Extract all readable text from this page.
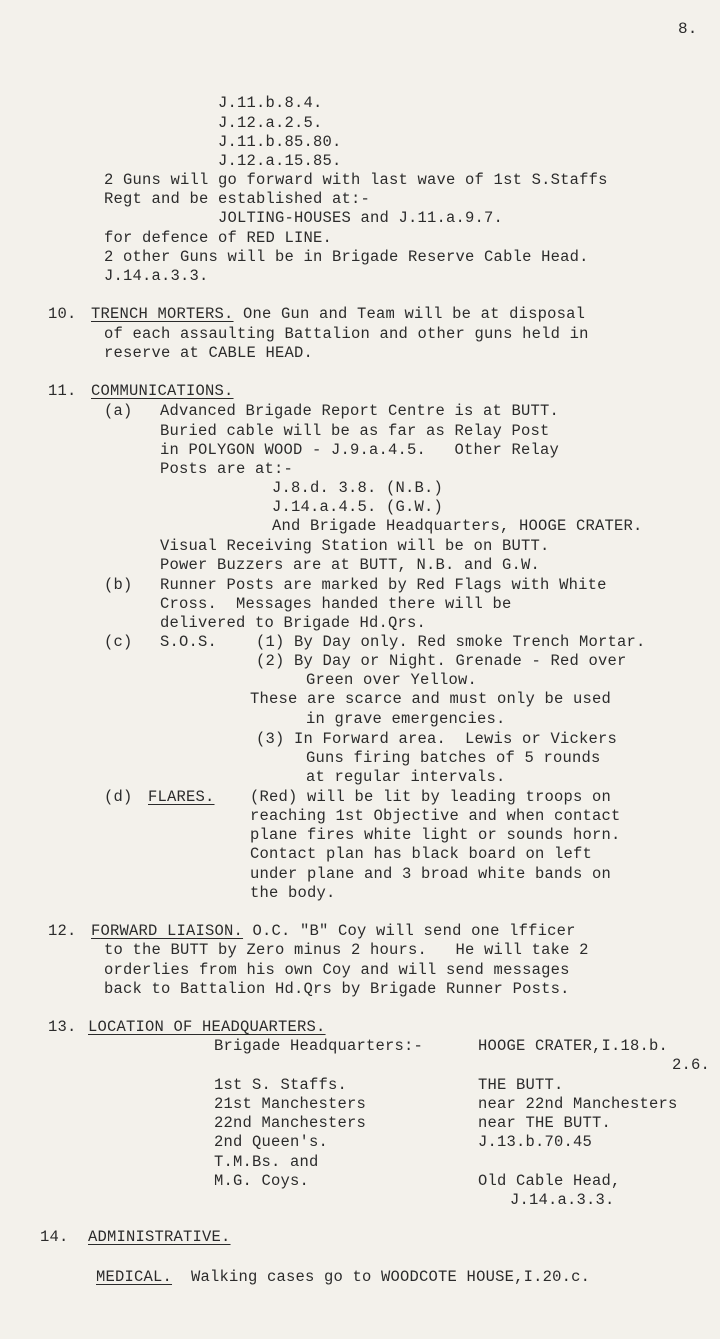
8.
J.11.b.8.4.
J.12.a.2.5.
J.11.b.85.80.
J.12.a.15.85.
2 Guns will go forward with last wave of 1st S.Staffs
Regt and be established at:-
JOLTING-HOUSES and J.11.a.9.7.
for defence of RED LINE.
2 other Guns will be in Brigade Reserve Cable Head.
J.14.a.3.3.
10. TRENCH MORTERS. One Gun and Team will be at disposal
of each assaulting Battalion and other guns held in
reserve at CABLE HEAD.
11. COMMUNICATIONS.
(a) Advanced Brigade Report Centre is at BUTT.
Buried cable will be as far as Relay Post
in POLYGON WOOD - J.9.a.4.5.   Other Relay
Posts are at:-
J.8.d. 3.8. (N.B.)
J.14.a.4.5. (G.W.)
And Brigade Headquarters, HOOGE CRATER.
Visual Receiving Station will be on BUTT.
Power Buzzers are at BUTT, N.B. and G.W.
(b) Runner Posts are marked by Red Flags with White
Cross.  Messages handed there will be
delivered to Brigade Hd.Qrs.
(c) S.O.S.	(1) By Day only. Red smoke Trench Mortar.
(2) By Day or Night. Grenade - Red over
Green over Yellow.
These are scarce and must only be used
in grave emergencies.
(3) In Forward area.  Lewis or Vickers
Guns firing batches of 5 rounds
at regular intervals.
(d) FLARES. (Red) will be lit by leading troops on
reaching 1st Objective and when contact
plane fires white light or sounds horn.
Contact plan has black board on left
under plane and 3 broad white bands on
the body.
12. FORWARD LIAISON. O.C. "B" Coy will send one lfficer
to the BUTT by Zero minus 2 hours.   He will take 2
orderlies from his own Coy and will send messages
back to Battalion Hd.Qrs by Brigade Runner Posts.
13. LOCATION OF HEADQUARTERS.
Brigade Headquarters:-	HOOGE CRATER,I.18.b.
2.6.
1st S. Staffs.
21st Manchesters
22nd Manchesters
2nd Queen's.
T.M.Bs. and
M.G. Coys.
THE BUTT.
near 22nd Manchesters
near THE BUTT.
J.13.b.70.45
Old Cable Head,
J.14.a.3.3.
14. ADMINISTRATIVE.
MEDICAL.  Walking cases go to WOODCOTE HOUSE,I.20.c.
